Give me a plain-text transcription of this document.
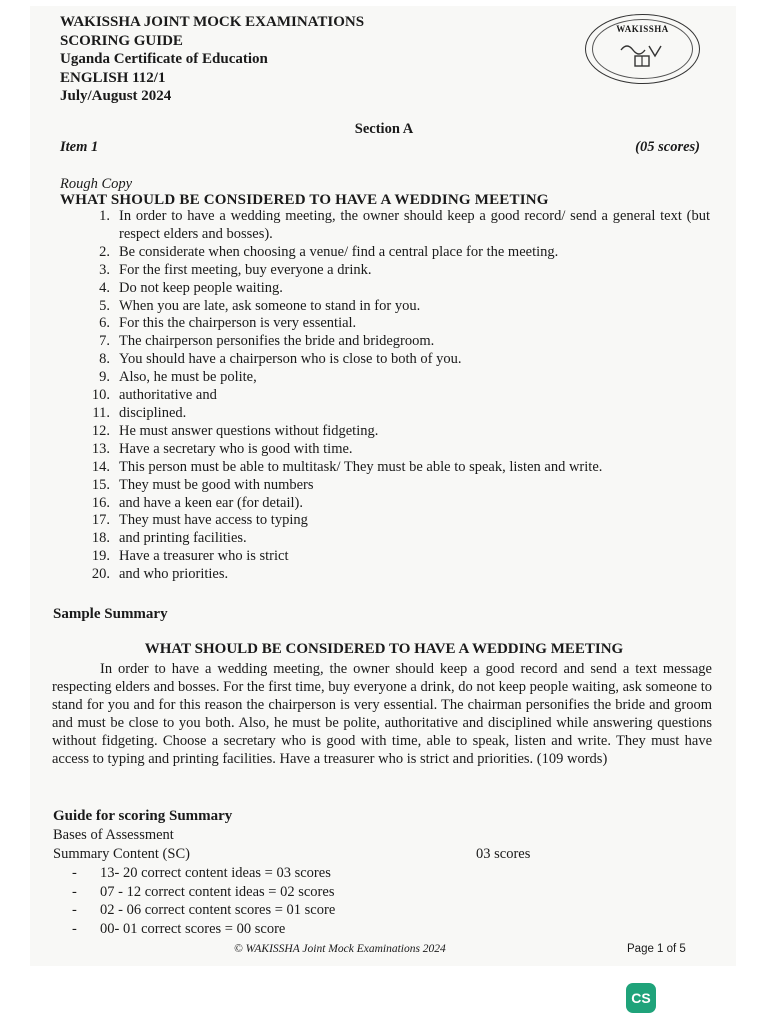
WAKISSHA JOINT MOCK EXAMINATIONS
SCORING GUIDE
Uganda Certificate of Education
ENGLISH 112/1
July/August 2024
WAKISSHA
Section A
Item 1	(05 scores)
Rough Copy
WHAT SHOULD BE CONSIDERED TO HAVE A WEDDING MEETING
1. In order to have a wedding meeting, the owner should keep a good record/ send a general text (but respect elders and bosses).
2. Be considerate when choosing a venue/ find a central place for the meeting.
3. For the first meeting, buy everyone a drink.
4. Do not keep people waiting.
5. When you are late, ask someone to stand in for you.
6. For this the chairperson is very essential.
7. The chairperson personifies the bride and bridegroom.
8. You should have a chairperson who is close to both of you.
9. Also, he must be polite,
10. authoritative and
11. disciplined.
12. He must answer questions without fidgeting.
13. Have a secretary who is good with time.
14. This person must be able to multitask/ They must be able to speak, listen and write.
15. They must be good with numbers
16. and have a keen ear (for detail).
17. They must have access to typing
18. and printing facilities.
19. Have a treasurer who is strict
20. and who priorities.
Sample Summary
WHAT SHOULD BE CONSIDERED TO HAVE A WEDDING MEETING
In order to have a wedding meeting, the owner should keep a good record and send a text message respecting elders and bosses. For the first time, buy everyone a drink, do not keep people waiting, ask someone to stand for you and for this reason the chairperson is very essential. The chairman personifies the bride and groom and must be close to you both. Also, he must be polite, authoritative and disciplined while answering questions without fidgeting. Choose a secretary who is good with time, able to speak, listen and write. They must have access to typing and printing facilities. Have a treasurer who is strict and priorities. (109 words)
Guide for scoring Summary
Bases of Assessment
Summary Content (SC)	03 scores
-	13- 20 correct content ideas = 03 scores
-	07 - 12 correct content ideas = 02 scores
-	02 - 06 correct content scores = 01 score
-	00- 01 correct scores = 00 score
© WAKISSHA Joint Mock Examinations 2024	Page 1 of 5
CS
